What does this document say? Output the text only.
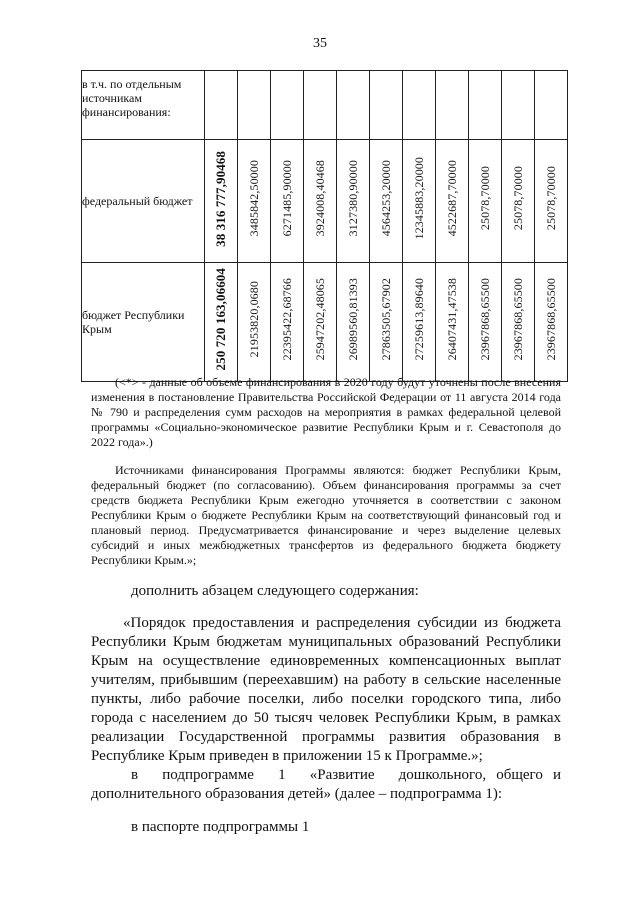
35
в т.ч. по отдельным источникам финансирования:											
федеральный бюджет	38 316 777,90468	3485842,50000	6271485,90000	3924008,40468	3127380,90000	4564253,20000	12345883,20000	4522687,70000	25078,70000	25078,70000	25078,70000
бюджет Республики Крым	250 720 163,06604	21953820,0680	22395422,68766	25947202,48065	26989560,81393	27863505,67902	27259613,89640	26407431,47538	23967868,65500	23967868,65500	23967868,65500
(<*> - данные об объеме финансирования в 2020 году будут уточнены после внесения изменения в постановление Правительства Российской Федерации от 11 августа 2014 года № 790 и распределения сумм расходов на мероприятия в рамках федеральной целевой программы «Социально-экономическое развитие Республики Крым и г. Севастополя до 2022 года».)
Источниками финансирования Программы являются: бюджет Республики Крым, федеральный бюджет (по согласованию). Объем финансирования программы за счет средств бюджета Республики Крым ежегодно уточняется в соответствии с законом Республики Крым о бюджете Республики Крым на соответствующий финансовый год и плановый период. Предусматривается финансирование и через выделение целевых субсидий и иных межбюджетных трансфертов из федерального бюджета бюджету Республики Крым.»;
дополнить абзацем следующего содержания:
«Порядок предоставления и распределения субсидии из бюджета Республики Крым бюджетам муниципальных образований Республики Крым на осуществление единовременных компенсационных выплат учителям, прибывшим (переехавшим) на работу в сельские населенные пункты, либо рабочие поселки, либо поселки городского типа, либо города с населением до 50 тысяч человек Республики Крым, в рамках реализации Государственной программы развития образования в Республике Крым приведен в приложении 15 к Программе.»;
в подпрограмме 1 «Развитие дошкольного, общего и дополнительного образования детей» (далее – подпрограмма 1):
в паспорте подпрограммы 1
